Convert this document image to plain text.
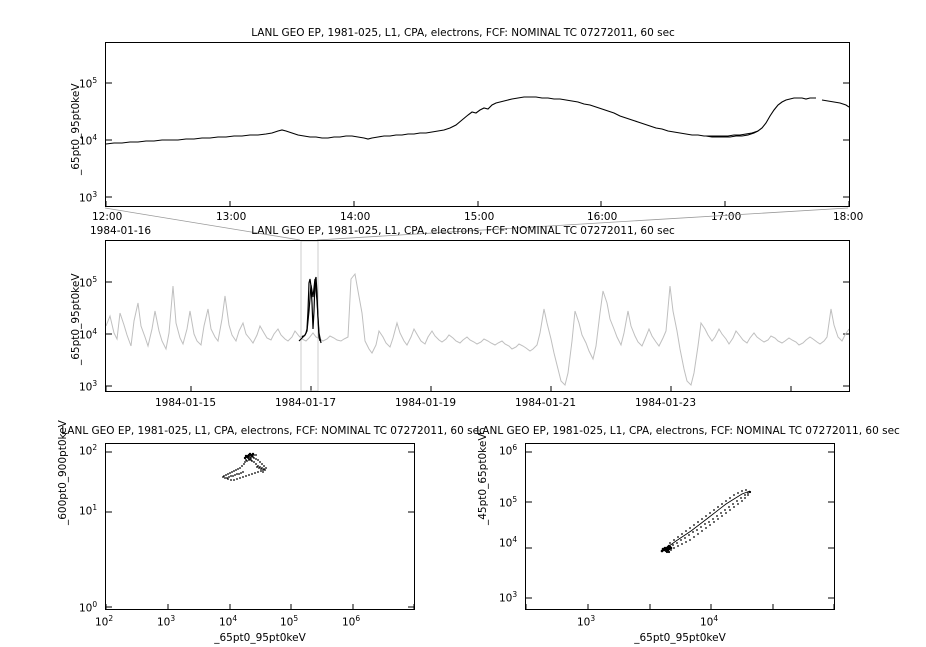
LANL GEO EP, 1981-025, L1, CPA, electrons, FCF: NOMINAL TC 07272011, 60 sec
_65pt0_95pt0keV
$10^5$
$10^4$
$10^3$
12:00	13:00	14:00	15:00	16:00	17:00	18:00
1984-01-16	LANL GEO EP, 1981-025, L1, CPA, electrons, FCF: NOMINAL TC 07272011, 60 sec
_65pt0_95pt0keV
$10^5$
$10^4$
$10^3$
1984-01-15	1984-01-17	1984-01-19	1984-01-21	1984-01-23
LANL GEO EP, 1981-025, L1, CPA, electrons, FCF: NOMINAL TC 07272011, 60 sec
_600pt0_900pt0keV $10^2$
$10^1$
$10^0$
$10^2$	$10^3$	$10^4$	$10^5$	$10^6$
_65pt0_95pt0keV
LANL GEO EP, 1981-025, L1, CPA, electrons, FCF: NOMINAL TC 07272011, 60 sec
_45pt0_65pt0keV $10^6$
$10^5$
$10^4$
$10^3$
$10^3$	$10^4$
_65pt0_95pt0keV
